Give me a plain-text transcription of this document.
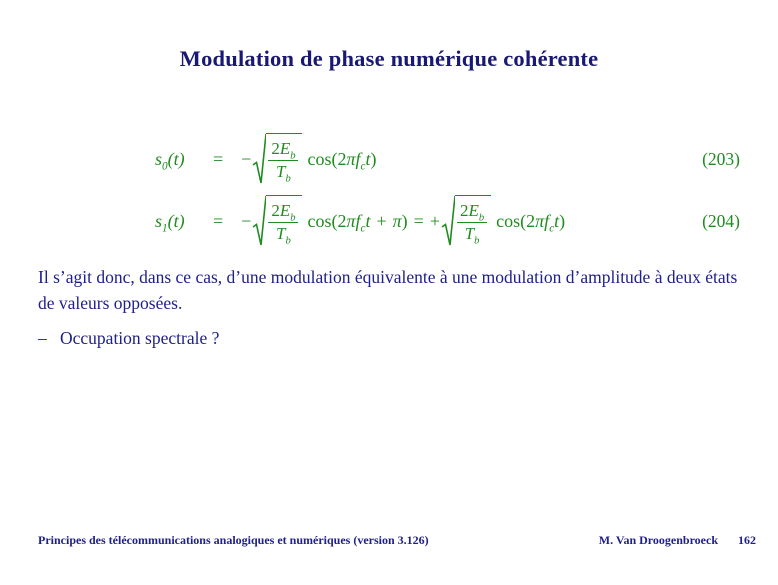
Modulation de phase numérique cohérente
$s_0(t)$	= − $\frac{2E_b}{T_b} \cos(2\pi f_ct)$	(203)
$s_1(t)$	= − $\frac{2E_b}{T_b} \cos(2\pi f_ct + \pi)$ = + $\frac{2E_b}{T_b} \cos(2\pi f_ct)$	(204)
Il s’agit donc, dans ce cas, d’une modulation équivalente à une modulation d’amplitude à deux états de valeurs opposées.
– Occupation spectrale ?
Principes des télécommunications analogiques et numériques (version 3.126)	M. Van Droogenbroeck 162
